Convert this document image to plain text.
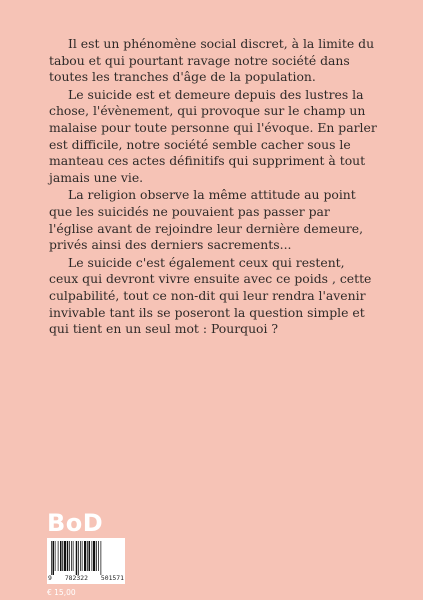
Il est un phénomène social discret, à la limite du tabou et qui pourtant ravage notre société dans toutes les tranches d'âge de la population.

Le suicide est et demeure depuis des lustres la chose, l'évènement, qui provoque sur le champ un malaise pour toute personne qui l'évoque. En parler est difficile, notre société semble cacher sous le manteau ces actes définitifs qui suppriment à tout jamais une vie.

La religion observe la même attitude au point que les suicidés ne pouvaient pas passer par l'église avant de rejoindre leur dernière demeure, privés ainsi des derniers sacrements...

Le suicide c'est également ceux qui restent, ceux qui devront vivre ensuite avec ce poids , cette culpabilité, tout ce non-dit qui leur rendra l'avenir invivable tant ils se poseront la question simple et qui tient en un seul mot : Pourquoi ?

BoD
9 782322 501571
€ 15,00
